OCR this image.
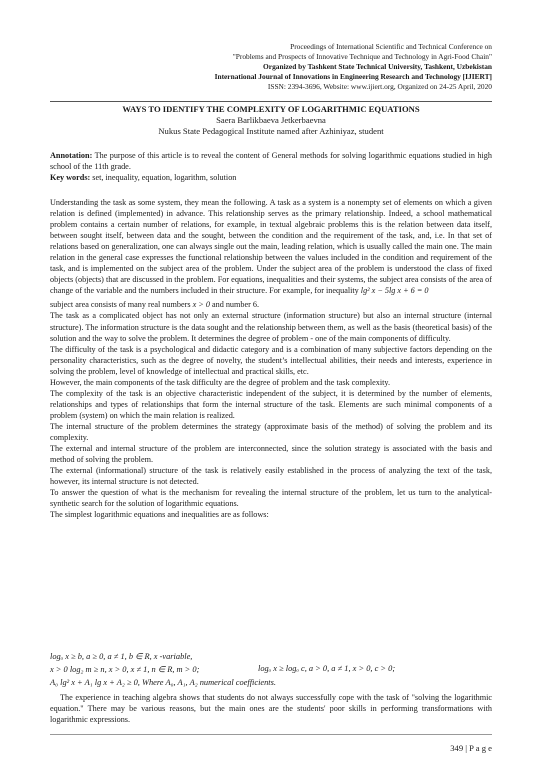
Proceedings of International Scientific and Technical Conference on
"Problems and Prospects of Innovative Technique and Technology in Agri-Food Chain"
Organized by Tashkent State Technical University, Tashkent, Uzbekistan
International Journal of Innovations in Engineering Research and Technology [IJIERT]
ISSN: 2394-3696, Website: www.ijiert.org, Organized on 24-25 April, 2020
WAYS TO IDENTIFY THE COMPLEXITY OF LOGARITHMIC EQUATIONS
Saera Barlikbaeva Jetkerbaevna
Nukus State Pedagogical Institute named after Azhiniyaz, student

Annotation: The purpose of this article is to reveal the content of General methods for solving logarithmic equations studied in high school of the 11th grade.

Key words: set, inequality, equation, logarithm, solution

Understanding the task as some system, they mean the following. A task as a system is a nonempty set of elements on which a given relation is defined (implemented) in advance. This relationship serves as the primary relationship. Indeed, a school mathematical problem contains a certain number of relations, for example, in textual algebraic problems this is the relation between data itself, between sought itself, between data and the sought, between the condition and the requirement of the task, and, i.e. In that set of relations based on generalization, one can always single out the main, leading relation, which is usually called the main one. The main relation in the general case expresses the functional relationship between the values included in the condition and requirement of the task, and is implemented on the subject area of the problem. Under the subject area of the problem is understood the class of fixed objects (objects) that are discussed in the problem. For equations, inequalities and their systems, the subject area consists of the area of change of the variable and the numbers included in their structure. For example, for inequality lg² x − 5lg x + 6 = 0

subject area consists of many real numbers x > 0 and number 6.

The task as a complicated object has not only an external structure (information structure) but also an internal structure (internal structure). The information structure is the data sought and the relationship between them, as well as the basis (theoretical basis) of the solution and the way to solve the problem. It determines the degree of problem - one of the main components of difficulty.

The difficulty of the task is a psychological and didactic category and is a combination of many subjective factors depending on the personality characteristics, such as the degree of novelty, the student’s intellectual abilities, their needs and interests, experience in solving the problem, level of knowledge of intellectual and practical skills, etc.

However, the main components of the task difficulty are the degree of problem and the task complexity.

The complexity of the task is an objective characteristic independent of the subject, it is determined by the number of elements, relationships and types of relationships that form the internal structure of the task. Elements are such minimal components of a problem (system) on which the main relation is realized.

The internal structure of the problem determines the strategy (approximate basis of the method) of solving the problem and its complexity.

The external and internal structure of the problem are interconnected, since the solution strategy is associated with the basis and method of solving the problem.

The external (informational) structure of the task is relatively easily established in the process of analyzing the text of the task, however, its internal structure is not detected.

To answer the question of what is the mechanism for revealing the internal structure of the problem, let us turn to the analytical-synthetic search for the solution of logarithmic equations.

The simplest logarithmic equations and inequalities are as follows:

logₐ x ≥ b, a ≥ 0, a ≠ 1, b ∈ R, x -variable,
x > 0 log₂ m ≥ n, x > 0, x ≠ 1, n ∈ R, m > 0;	logₐ x ≥ logₐ c, a > 0, a ≠ 1, x > 0, c > 0;
A₀ lg² x + A₁ lg x + A₂ ≥ 0, Where A₀, A₁, A₂ numerical coefficients.
The experience in teaching algebra shows that students do not always successfully cope with the task of "solving the logarithmic equation." There may be various reasons, but the main ones are the students' poor skills in performing transformations with logarithmic expressions.
349 | P a g e
